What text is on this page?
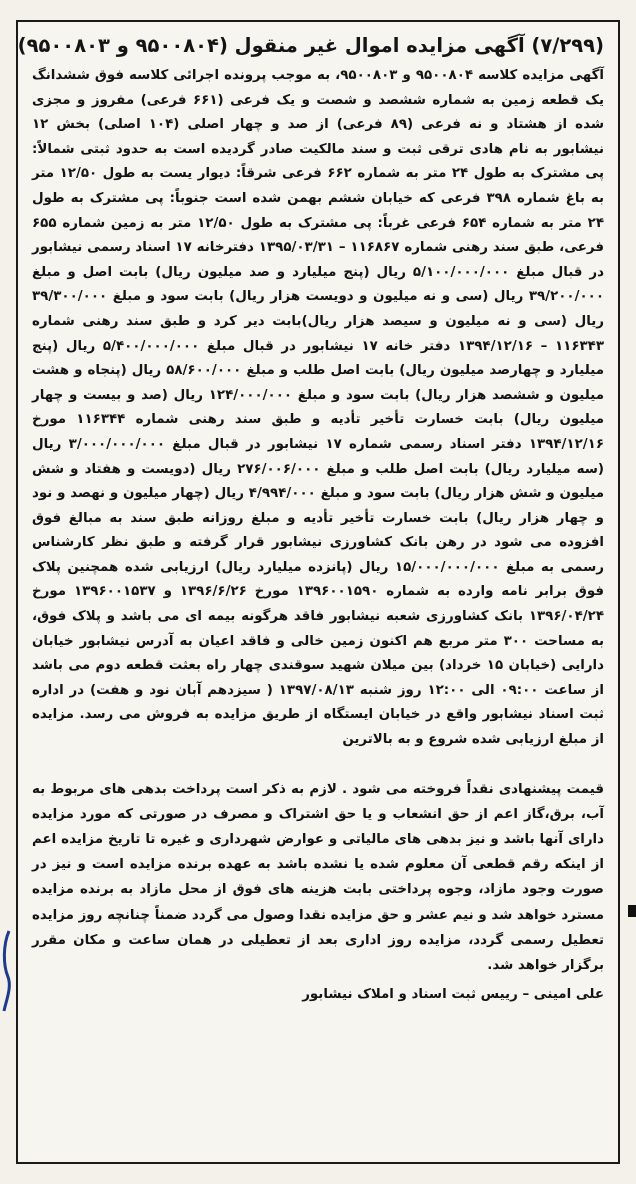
(۷/۲۹۹) آگهی مزایده اموال غیر منقول (۹۵۰۰۸۰۴ و ۹۵۰۰۸۰۳)

آگهی مزایده کلاسه ۹۵۰۰۸۰۴ و ۹۵۰۰۸۰۳، به موجب پرونده اجرائی کلاسه فوق ششدانگ یک قطعه زمین به شماره ششصد و شصت و یک فرعی (۶۶۱ فرعی) مفروز و مجزی شده از هشتاد و نه فرعی (۸۹ فرعی) از صد و چهار اصلی (۱۰۴ اصلی) بخش ۱۲ نیشابور به نام هادی ترقی ثبت و سند مالکیت صادر گردیده است به حدود ثبتی شمالاً: پی مشترک به طول ۲۴ متر به شماره ۶۶۲ فرعی شرقاً: دیوار یست به طول ۱۲/۵۰ متر به باغ شماره ۳۹۸ فرعی که خیابان ششم بهمن شده است جنوباً: پی مشترک به طول ۲۴ متر به شماره ۶۵۴ فرعی غرباً: پی مشترک به طول ۱۲/۵۰ متر به زمین شماره ۶۵۵ فرعی، طبق سند رهنی شماره ۱۱۶۸۶۷ – ۱۳۹۵/۰۳/۳۱ دفترخانه ۱۷ اسناد رسمی نیشابور در قبال مبلغ ۵/۱۰۰/۰۰۰/۰۰۰ ریال (پنج میلیارد و صد میلیون ریال) بابت اصل و مبلغ ۳۹/۲۰۰/۰۰۰ ریال (سی و نه میلیون و دویست هزار ریال) بابت سود و مبلغ ۳۹/۳۰۰/۰۰۰ ریال (سی و نه میلیون و سیصد هزار ریال)بابت دیر کرد و طبق سند رهنی شماره ۱۱۶۳۴۳ – ۱۳۹۴/۱۲/۱۶ دفتر خانه ۱۷ نیشابور در قبال مبلغ ۵/۴۰۰/۰۰۰/۰۰۰ ریال (پنج میلیارد و چهارصد میلیون ریال) بابت اصل طلب و مبلغ ۵۸/۶۰۰/۰۰۰ ریال (پنجاه و هشت میلیون و ششصد هزار ریال) بابت سود و مبلغ ۱۲۴/۰۰۰/۰۰۰ ریال (صد و بیست و چهار میلیون ریال) بابت خسارت تأخیر تأدیه و طبق سند رهنی شماره ۱۱۶۳۴۴ مورخ ۱۳۹۴/۱۲/۱۶ دفتر اسناد رسمی شماره ۱۷ نیشابور در قبال مبلغ ۳/۰۰۰/۰۰۰/۰۰۰ ریال (سه میلیارد ریال) بابت اصل طلب و مبلغ ۲۷۶/۰۰۶/۰۰۰ ریال (دویست و هفتاد و شش میلیون و شش هزار ریال) بابت سود و مبلغ ۴/۹۹۴/۰۰۰ ریال (چهار میلیون و نهصد و نود و چهار هزار ریال) بابت خسارت تأخیر تأدیه و مبلغ روزانه طبق سند به مبالغ فوق افزوده می شود در رهن بانک کشاورزی نیشابور قرار گرفته و طبق نظر کارشناس رسمی به مبلغ ۱۵/۰۰۰/۰۰۰/۰۰۰ ریال (پانزده میلیارد ریال) ارزیابی شده همچنین پلاک فوق برابر نامه وارده به شماره ۱۳۹۶۰۰۱۵۹۰ مورخ ۱۳۹۶/۶/۲۶ و ۱۳۹۶۰۰۱۵۳۷ مورخ ۱۳۹۶/۰۴/۲۴ بانک کشاورزی شعبه نیشابور فاقد هرگونه بیمه ای می باشد و پلاک فوق، به مساحت ۳۰۰ متر مربع هم اکنون زمین خالی و فاقد اعیان به آدرس نیشابور خیابان دارایی (خیابان ۱۵ خرداد) بین میلان شهید سوقندی چهار راه بعثت قطعه دوم می باشد از ساعت ۰۹:۰۰ الی ۱۲:۰۰ روز شنبه ۱۳۹۷/۰۸/۱۳ ( سیزدهم آبان نود و هفت) در اداره ثبت اسناد نیشابور واقع در خیابان ایستگاه از طریق مزایده به فروش می رسد. مزایده از مبلغ ارزیابی شده شروع و به بالاترین

قیمت پیشنهادی نقداً فروخته می شود . لازم به ذکر است پرداخت بدهی های مربوط به آب، برق،گاز اعم از حق انشعاب و یا حق اشتراک و مصرف در صورتی که مورد مزایده دارای آنها باشد و نیز بدهی های مالیاتی و عوارض شهرداری و غیره تا تاریخ مزایده اعم از اینکه رقم قطعی آن معلوم شده یا نشده باشد به عهده برنده مزایده است و نیز در صورت وجود مازاد، وجوه پرداختی بابت هزینه های فوق از محل مازاد به برنده مزایده مسترد خواهد شد و نیم عشر و حق مزایده نقدا وصول می گردد ضمناً چنانچه روز مزایده تعطیل رسمی گردد، مزایده روز اداری بعد از تعطیلی در همان ساعت و مکان مقرر برگزار خواهد شد.

علی امینی – رییس ثبت اسناد و املاک نیشابور
